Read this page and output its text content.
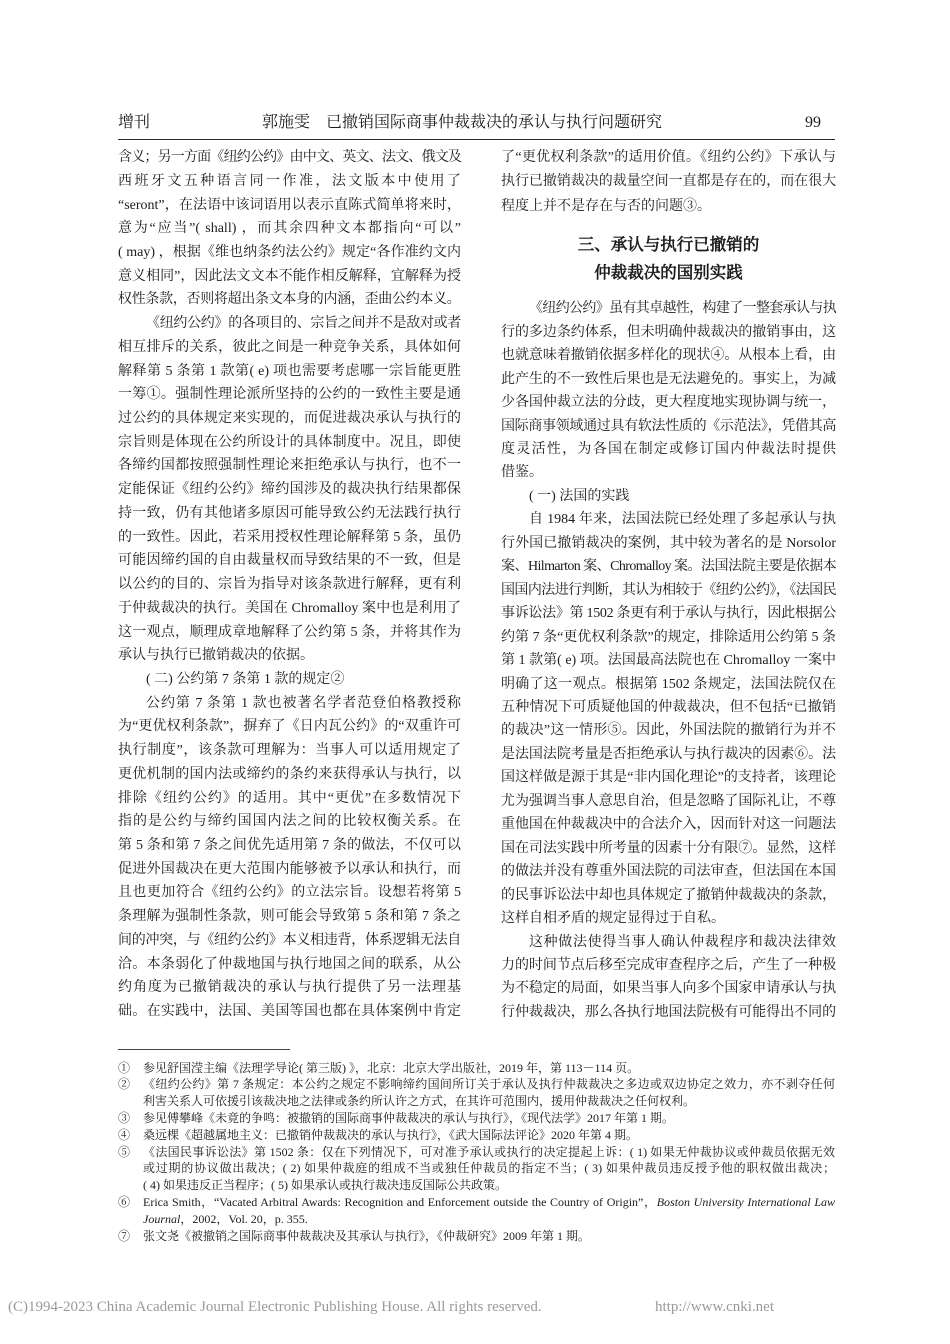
增刊	郭施雯　已撤销国际商事仲裁裁决的承认与执行问题研究	99
含义；另一方面《纽约公约》由中文、英文、法文、俄文及
西班牙文五种语言同一作准，法文版本中使用了
“seront”，在法语中该词语用以表示直陈式简单将来时，
意为“应当”( shall) ，而其余四种文本都指向“可以”
( may) ，根据《维也纳条约法公约》规定“各作准约文内
意义相同”，因此法文文本不能作相反解释，宜解释为授
权性条款，否则将超出条文本身的内涵，歪曲公约本义。
《纽约公约》的各项目的、宗旨之间并不是敌对或者
相互排斥的关系，彼此之间是一种竞争关系，具体如何
解释第 5 条第 1 款第( e) 项也需要考虑哪一宗旨能更胜
一筹①。强制性理论派所坚持的公约的一致性主要是通
过公约的具体规定来实现的，而促进裁决承认与执行的
宗旨则是体现在公约所设计的具体制度中。况且，即使
各缔约国都按照强制性理论来拒绝承认与执行，也不一
定能保证《纽约公约》缔约国涉及的裁决执行结果都保
持一致，仍有其他诸多原因可能导致公约无法践行执行
的一致性。因此，若采用授权性理论解释第 5 条，虽仍
可能因缔约国的自由裁量权而导致结果的不一致，但是
以公约的目的、宗旨为指导对该条款进行解释，更有利
于仲裁裁决的执行。美国在 Chromalloy 案中也是利用了
这一观点，顺理成章地解释了公约第 5 条，并将其作为
承认与执行已撤销裁决的依据。
( 二) 公约第 7 条第 1 款的规定②
公约第 7 条第 1 款也被著名学者范登伯格教授称
为“更优权利条款”，摒弃了《日内瓦公约》的“双重许可
执行制度”，该条款可理解为：当事人可以适用规定了
更优机制的国内法或缔约的条约来获得承认与执行，以
排除《纽约公约》的适用。其中“更优”在多数情况下
指的是公约与缔约国国内法之间的比较权衡关系。在
第 5 条和第 7 条之间优先适用第 7 条的做法，不仅可以
促进外国裁决在更大范围内能够被予以承认和执行，而
且也更加符合《纽约公约》的立法宗旨。设想若将第 5
条理解为强制性条款，则可能会导致第 5 条和第 7 条之
间的冲突，与《纽约公约》本义相违背，体系逻辑无法自
洽。本条弱化了仲裁地国与执行地国之间的联系，从公
约角度为已撤销裁决的承认与执行提供了另一法理基
础。在实践中，法国、美国等国也都在具体案例中肯定
了“更优权利条款”的适用价值。《纽约公约》下承认与
执行已撤销裁决的裁量空间一直都是存在的，而在很大
程度上并不是存在与否的问题③。
三、承认与执行已撤销的
仲裁裁决的国别实践
《纽约公约》虽有其卓越性，构建了一整套承认与执
行的多边条约体系，但未明确仲裁裁决的撤销事由，这
也就意味着撤销依据多样化的现状④。从根本上看，由
此产生的不一致性后果也是无法避免的。事实上，为减
少各国仲裁立法的分歧，更大程度地实现协调与统一，
国际商事领域通过具有软法性质的《示范法》，凭借其高
度灵活性，为各国在制定或修订国内仲裁法时提供
借鉴。
( 一) 法国的实践
自 1984 年来，法国法院已经处理了多起承认与执
行外国已撤销裁决的案例，其中较为著名的是 Norsolor
案、Hilmarton 案、Chromalloy 案。法国法院主要是依据本
国国内法进行判断，其认为相较于《纽约公约》，《法国民
事诉讼法》第 1502 条更有利于承认与执行，因此根据公
约第 7 条“更优权利条款”的规定，排除适用公约第 5 条
第 1 款第( e) 项。法国最高法院也在 Chromalloy 一案中
明确了这一观点。根据第 1502 条规定，法国法院仅在
五种情况下可质疑他国的仲裁裁决，但不包括“已撤销
的裁决”这一情形⑤。因此，外国法院的撤销行为并不
是法国法院考量是否拒绝承认与执行裁决的因素⑥。法
国这样做是源于其是“非内国化理论”的支持者，该理论
尤为强调当事人意思自治，但是忽略了国际礼让，不尊
重他国在仲裁裁决中的合法介入，因而针对这一问题法
国在司法实践中所考量的因素十分有限⑦。显然，这样
的做法并没有尊重外国法院的司法审查，但法国在本国
的民事诉讼法中却也具体规定了撤销仲裁裁决的条款，
这样自相矛盾的规定显得过于自私。
这种做法使得当事人确认仲裁程序和裁决法律效
力的时间节点后移至完成审查程序之后，产生了一种极
为不稳定的局面，如果当事人向多个国家申请承认与执
行仲裁裁决，那么各执行地国法院极有可能得出不同的
①	参见舒国滢主编《法理学导论( 第三版) 》，北京：北京大学出版社，2019 年，第 113－114 页。
②	《纽约公约》第 7 条规定：本公约之规定不影响缔约国间所订关于承认及执行仲裁裁决之多边或双边协定之效力，亦不剥夺任何
利害关系人可依援引该裁决地之法律或条约所认许之方式，在其许可范围内，援用仲裁裁决之任何权利。
③	参见傅攀峰《未竟的争鸣：被撤销的国际商事仲裁裁决的承认与执行》，《现代法学》2017 年第 1 期。
④	桑远棵《超越属地主义：已撤销仲裁裁决的承认与执行》，《武大国际法评论》2020 年第 4 期。
⑤	《法国民事诉讼法》第 1502 条：仅在下列情况下，可对准予承认或执行的决定提起上诉：( 1) 如果无仲裁协议或仲裁员依据无效
或过期的协议做出裁决；( 2) 如果仲裁庭的组成不当或独任仲裁员的指定不当；( 3) 如果仲裁员违反授予他的职权做出裁决；
( 4) 如果违反正当程序；( 5) 如果承认或执行裁决违反国际公共政策。
⑥	Erica Smith，“Vacated Arbitral Awards: Recognition and Enforcement outside the Country of Origin”，Boston University International Law
Journal，2002，Vol. 20，p. 355.
⑦	张文尧《被撤销之国际商事仲裁裁决及其承认与执行》，《仲裁研究》2009 年第 1 期。
(C)1994-2023 China Academic Journal Electronic Publishing House. All rights reserved.	http://www.cnki.net
